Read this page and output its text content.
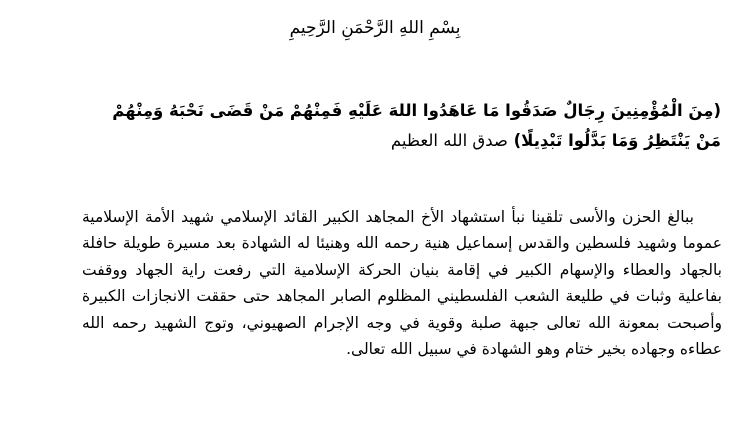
بِسْمِ اللهِ الرَّحْمَنِ الرَّحِيمِ
(مِنَ الْمُؤْمِنِينَ رِجَالٌ صَدَقُوا مَا عَاهَدُوا اللهَ عَلَيْهِ فَمِنْهُمْ مَنْ قَضَى نَحْبَهُ وَمِنْهُمْ مَنْ يَنْتَظِرُ وَمَا بَدَّلُوا تَبْدِيلًا) صدق الله العظيم
ببالغ الحزن والأسى تلقينا نبأ استشهاد الأخ المجاهد الكبير القائد الإسلامي شهيد الأمة الإسلامية عموما وشهيد فلسطين والقدس إسماعيل هنية رحمه الله وهنيئا له الشهادة بعد مسيرة طويلة حافلة بالجهاد والعطاء والإسهام الكبير في إقامة بنيان الحركة الإسلامية التي رفعت راية الجهاد ووقفت بفاعلية وثبات في طليعة الشعب الفلسطيني المظلوم الصابر المجاهد حتى حققت الانجازات الكبيرة وأصبحت بمعونة الله تعالى جبهة صلبة وقوية في وجه الإجرام الصهيوني، وتوج الشهيد رحمه الله عطاءه وجهاده بخير ختام وهو الشهادة في سبيل الله تعالى.
